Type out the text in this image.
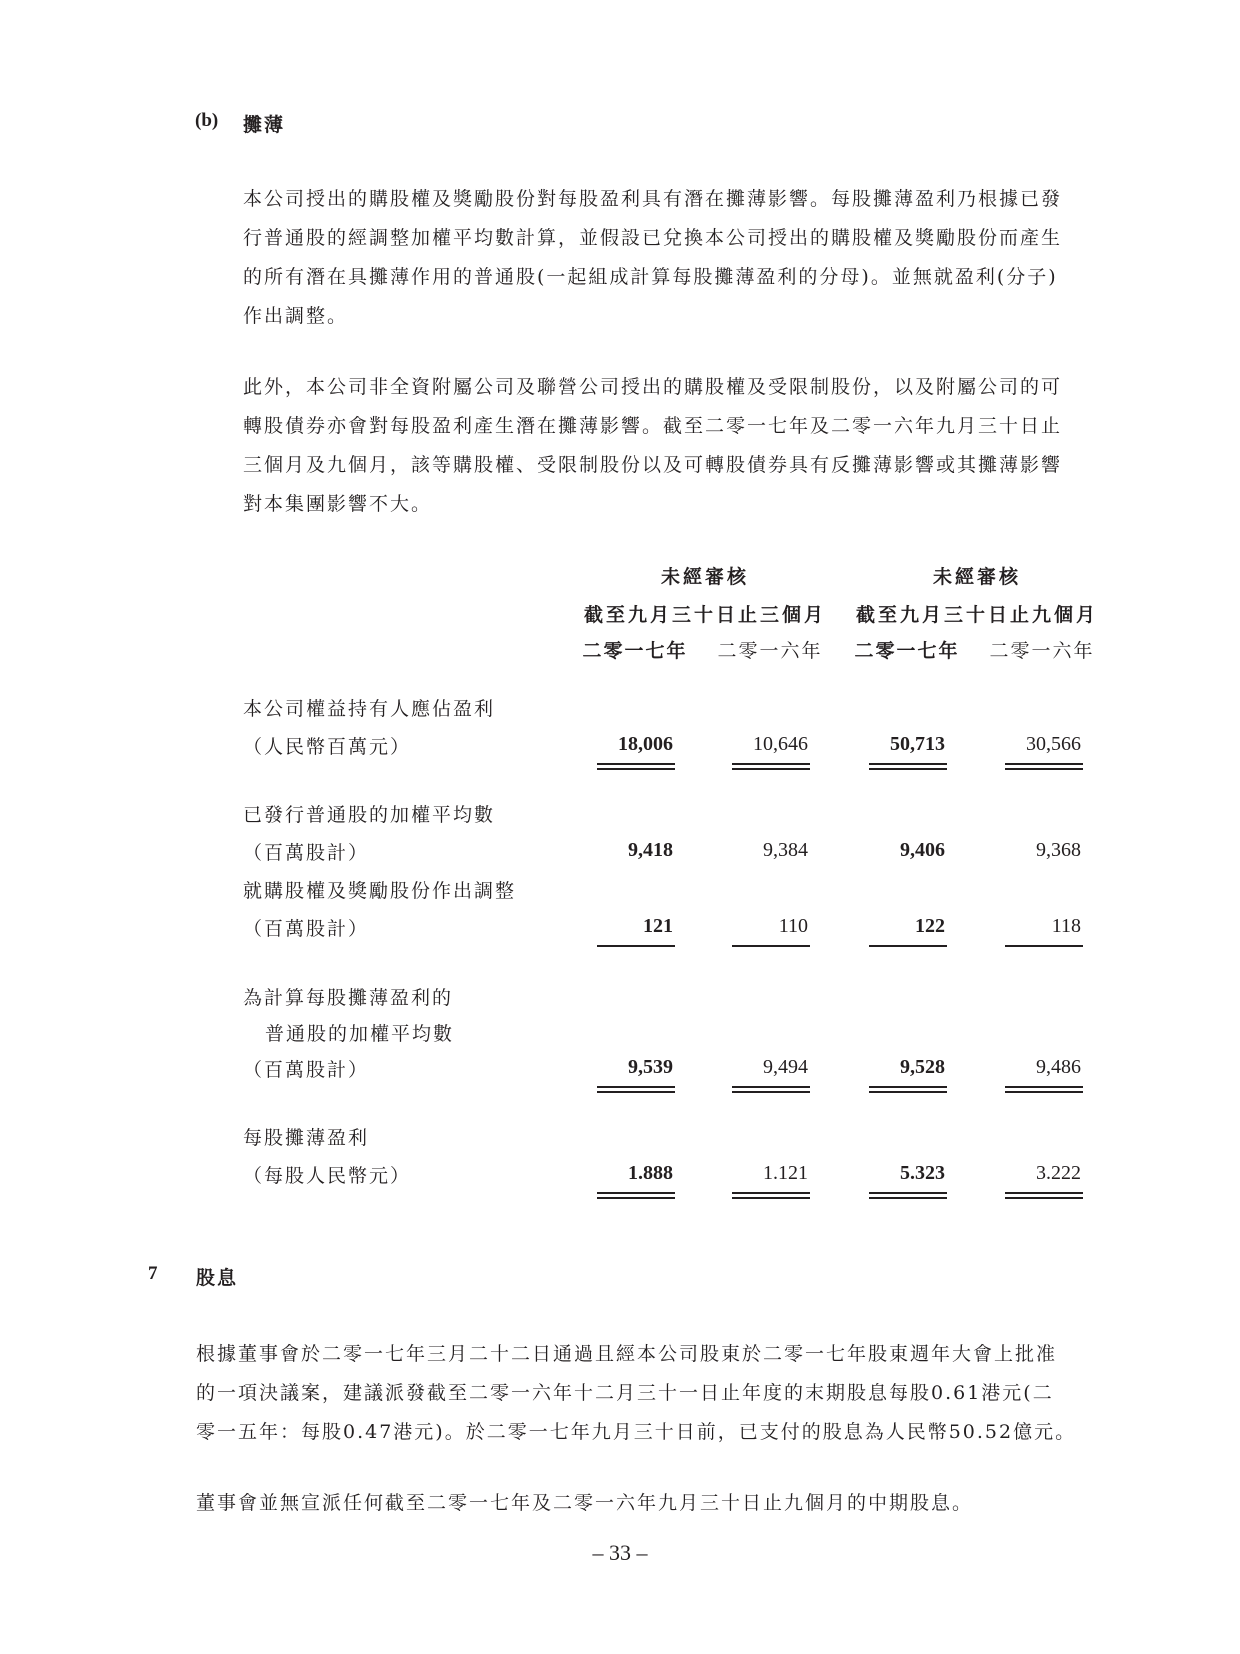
(b) 攤薄

本公司授出的購股權及獎勵股份對每股盈利具有潛在攤薄影響。每股攤薄盈利乃根據已發

行普通股的經調整加權平均數計算，並假設已兌換本公司授出的購股權及獎勵股份而產生

的所有潛在具攤薄作用的普通股(一起組成計算每股攤薄盈利的分母)。並無就盈利(分子)

作出調整。

此外，本公司非全資附屬公司及聯營公司授出的購股權及受限制股份，以及附屬公司的可

轉股債券亦會對每股盈利產生潛在攤薄影響。截至二零一七年及二零一六年九月三十日止

三個月及九個月，該等購股權、受限制股份以及可轉股債券具有反攤薄影響或其攤薄影響

對本集團影響不大。

未經審核	未經審核
截至九月三十日止三個月	截至九月三十日止九個月
二零一七年	二零一六年	二零一七年	二零一六年
本公司權益持有人應佔盈利
（人民幣百萬元）	18,006	10,646	50,713	30,566
已發行普通股的加權平均數
（百萬股計）	9,418	9,384	9,406	9,368
就購股權及獎勵股份作出調整
（百萬股計）	121	110	122	118
為計算每股攤薄盈利的
普通股的加權平均數
（百萬股計）	9,539	9,494	9,528	9,486
每股攤薄盈利
（每股人民幣元）	1.888	1.121	5.323	3.222
7 股息

根據董事會於二零一七年三月二十二日通過且經本公司股東於二零一七年股東週年大會上批准

的一項決議案，建議派發截至二零一六年十二月三十一日止年度的末期股息每股0.61港元(二

零一五年：每股0.47港元)。於二零一七年九月三十日前，已支付的股息為人民幣50.52億元。

董事會並無宣派任何截至二零一七年及二零一六年九月三十日止九個月的中期股息。
– 33 –
